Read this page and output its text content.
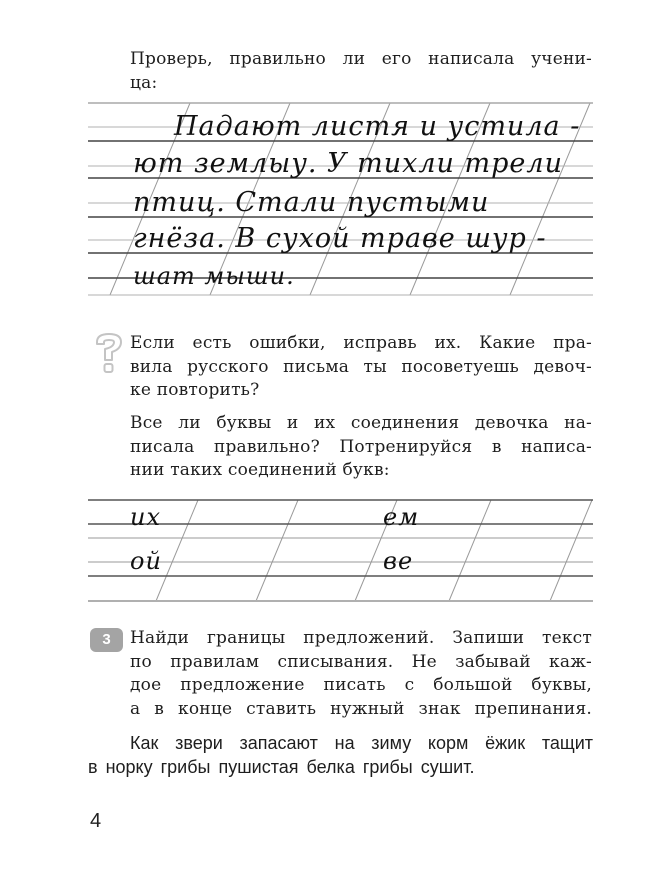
Проверь, правильно ли его написала учени-
ца:
Падают листя и устила -
ют землыу. У тихли трели
птиц. Стали пустыми
гнёза. В сухой траве шур -
шат мыши.
Если есть ошибки, исправь их. Какие пра-
вила русского письма ты посоветуешь девоч-
ке повторить?
Все ли буквы и их соединения девочка на-
писала правильно? Потренируйся в написа-
нии таких соединений букв:
их	ем
ой	ве
3	Найди границы предложений. Запиши текст
по правилам списывания. Не забывай каж-
дое предложение писать с большой буквы,
а в конце ставить нужный знак препинания.
Как звери запасают на зиму корм ёжик тащит
в норку грибы пушистая белка грибы сушит.
4
